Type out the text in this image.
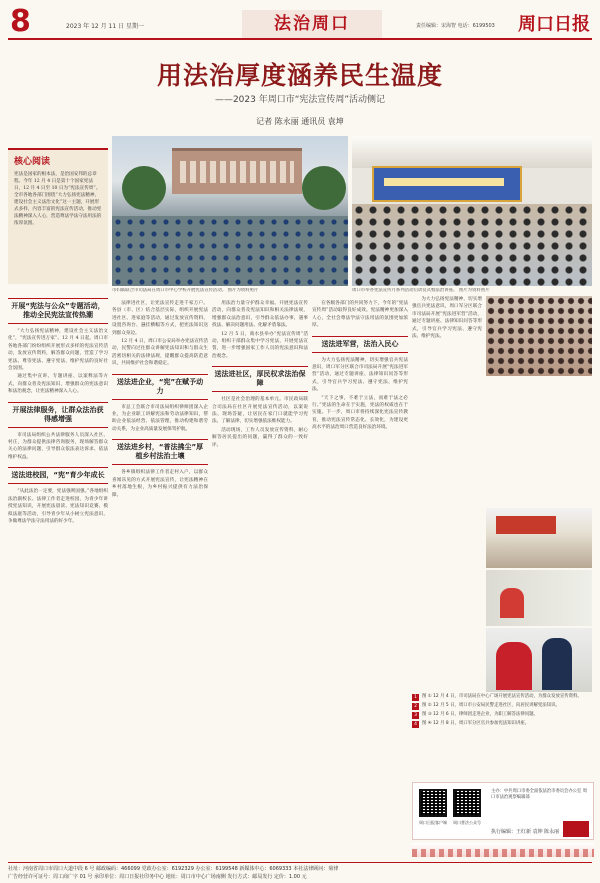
8	2023 年 12 月 11 日 星期一	法治周口	责任编辑：宋海智 电话：6199503 周口日报
用法治厚度涵养民生温度
——2023 年周口市“宪法宣传周”活动侧记
记者 陈永丽 通讯员 袁坤
核心阅读
宪法是国家的根本法，是治国安邦的总章程。今年 12 月 4 日是第十个国家宪法日，12 月 4 日至 10 日为“宪法宣传周”。全市各地各部门围绕“大力弘扬宪法精神，建设社会主义法治文化”这一主题，开展形式多样、内容丰富的宪法宣传活动，推动宪法精神深入人心，营造尊法学法守法用法的浓厚氛围。
市妇联联合市司法局在周口市中心学校开展宪法宣传活动。 图片为资料照片	周口市举办宪法宣传月系列活动启动仪式暨法治讲座。 图片为资料照片
开展“宪法与公众”专题活动，推动全民宪法宣传热潮

“大力弘扬宪法精神，建设社会主义法治文化”，“宪法宣传进万家”。12 月 4 日起，周口市各地各部门纷纷组织开展形式多样的宪法宣传活动，发放宣传资料，解答群众问题，营造了学习宪法、尊崇宪法、遵守宪法、维护宪法的良好社会氛围。

通过集中宣讲、专题讲座、以案释法等方式，向群众普及宪法知识，增强群众的宪法意识和法治观念，让宪法精神深入人心。

开展法律服务，让群众法治获得感增强

市司法局组织公共法律服务人员深入社区、村庄，为群众提供法律咨询服务，现场解答群众关心的法律问题，引导群众依法表达诉求、依法维护权益。

送法进校园，“宪”育少年成长

“从此法治一定要，宪法强则国强。”各地组织法治副校长、法律工作者走进校园，为青少年讲授宪法知识，开展宪法晨读、宪法知识竞赛、模拟法庭等活动，引导青少年从小树立宪法意识，争做尊法学法守法用法的好少年。

法律进社区，让宪法宣传走进千家万户。各县（市、区）结合基层实际，组织开展宪法进社区、进家庭等活动，通过发放宣传资料、设置咨询台、悬挂横幅等方式，把宪法知识送到群众身边。

12 月 4 日，周口市公安局举办宪法宣传活动，民警向过往群众讲解宪法知识和与群众生活密切相关的法律法规，提醒群众提高防范意识，共同维护社会和谐稳定。

送法进企业，“宪”在赋予动力

市总工会联合市司法局组织律师团深入企业，为企业职工讲解宪法和劳动法律知识，帮助企业依法经营、依法管理，推动构建和谐劳动关系，为企业高质量发展保驾护航。

送法进乡村，“普法拂尘”厚植乡村法治土壤

各乡镇组织法律工作者走村入户，以群众喜闻乐见的方式开展宪法宣传，让宪法精神在乡村落地生根，为乡村振兴提供有力法治保障。

用法治力量守护群众幸福。开展宪法宣传活动，向群众普及宪法知识和相关法律法规，增强群众法治意识，引导群众依法办事、遇事找法、解决问题用法、化解矛盾靠法。

12 月 5 日，商水县举办“宪法宣传周”活动，组织干部群众集中学习宪法，开展宪法宣誓，进一步增强国家工作人员的宪法意识和法治观念。

送法进社区，厚民权求法治保障

社区是社会治理的基本单元。市民政局联合司法局在社区开展宪法宣传活动，以案说法、现场答疑，让居民在家门口就能学习宪法、了解法律，切实增强依法维权能力。

活动现场，工作人员发放宣传资料，耐心解答居民提出的问题，赢得了群众的一致好评。

在各级各部门的共同努力下，今年的“宪法宣传周”活动取得良好成效。宪法精神更加深入人心，全社会尊法学法守法用法的氛围更加浓厚。

送法进军营，法治入民心

为大力弘扬宪法精神，切实增强官兵宪法意识，周口军分区联合市司法局开展“宪法进军营”活动，通过专题讲座、法律知识问答等形式，引导官兵学习宪法、遵守宪法、维护宪法。

“天下之事，不难于立法，而难于法之必行。”宪法的生命在于实施，宪法的权威也在于实施。下一步，周口市将持续深化宪法宣传教育，推动宪法宣传常态化、长效化，为建设更高水平的法治周口营造良好法治环境。

为大力弘扬宪法精神，切实增强官兵宪法意识，周口军分区联合市司法局开展“宪法进军营”活动，通过专题讲座、法律知识问答等形式，引导官兵学习宪法、遵守宪法、维护宪法。

1	图 ① 12 月 4 日，市司法局在中心广场开展宪法宣传活动，为群众发放宣传资料。
2	图 ② 12 月 5 日，周口市公安局民警走进社区，向居民讲解宪法知识。
3	图 ③ 12 月 6 日，律师团走进企业，为职工解答法律问题。
4	图 ④ 12 月 8 日，周口军分区官兵参加宪法知识讲座。
周口日报客户端	周口普法公众号
主办：中共周口市委全面依法治市委员会办公室 周口市法治观察编辑部
执行编辑：王红新 袁坤 陈永丽
社址：河南省周口市周口大道中段 6 号 邮政编码：466099 党政办公室：6192329 办公室：6199548 新媒体中心：6069333 本社法律顾问：菊律
广告经营许可证号：周工商广字 01 号 承印单位：周口日报社印务中心 地址：周口市中心广场南侧 发行方式：邮局发行 定价：1.00 元
